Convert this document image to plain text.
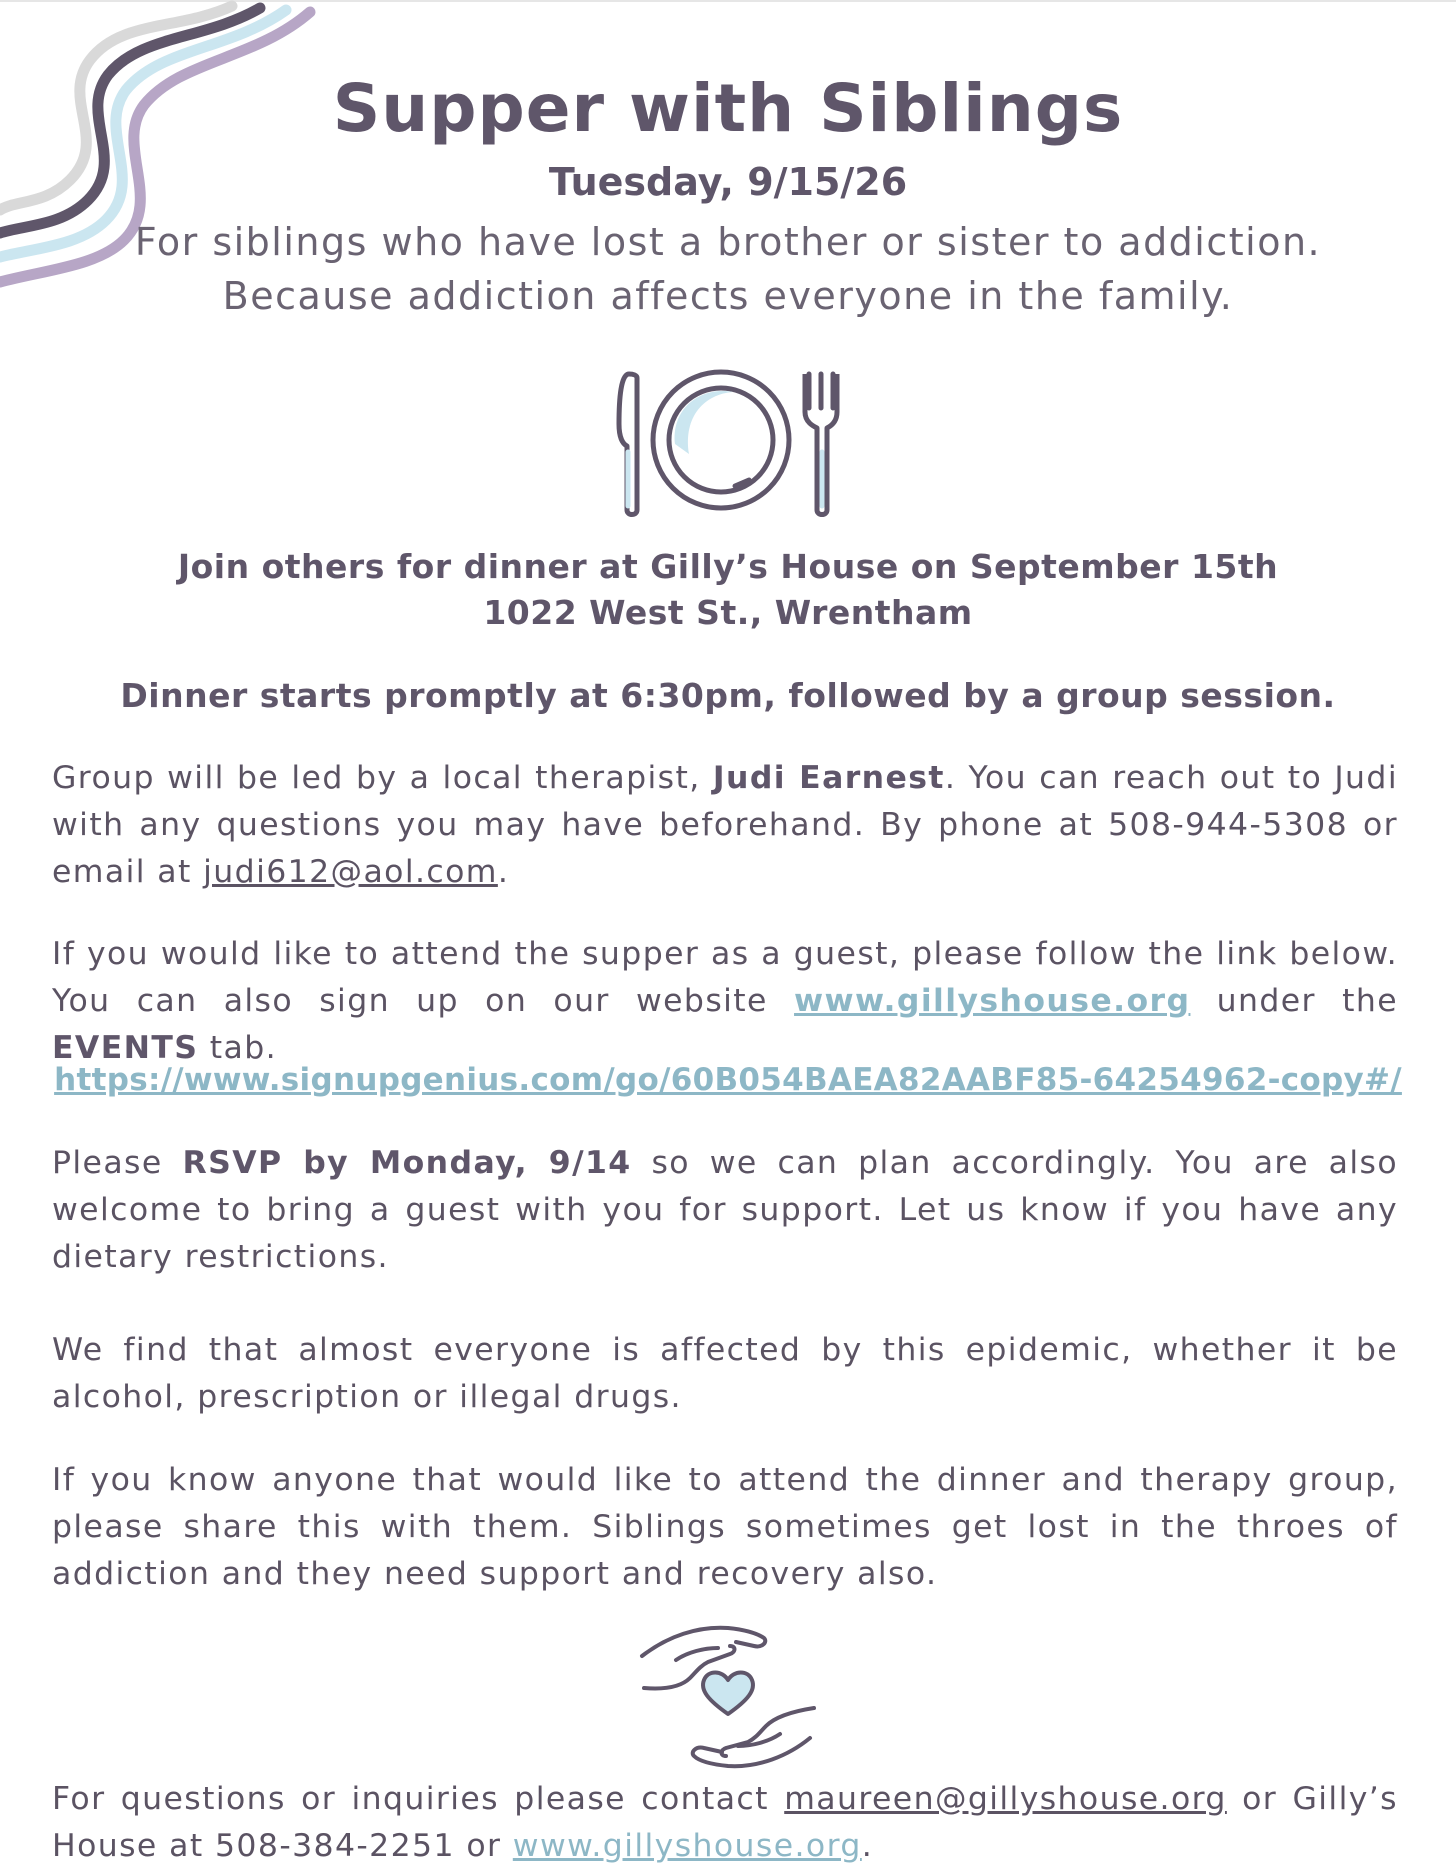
Supper with Siblings
Tuesday, 9/15/26
For siblings who have lost a brother or sister to addiction.
Because addiction affects everyone in the family.
Join others for dinner at Gilly’s House on September 15th
1022 West St., Wrentham
Dinner starts promptly at 6:30pm, followed by a group session.
Group will be led by a local therapist, Judi Earnest. You can reach out to Judi with any questions you may have beforehand. By phone at 508-944-5308 or email at judi612@aol.com.
If you would like to attend the supper as a guest, please follow the link below. You can also sign up on our website www.gillyshouse.org under the EVENTS tab.
https://www.signupgenius.com/go/60B054BAEA82AABF85-64254962-copy#/
Please RSVP by Monday, 9/14 so we can plan accordingly. You are also welcome to bring a guest with you for support. Let us know if you have any dietary restrictions.
We find that almost everyone is affected by this epidemic, whether it be alcohol, prescription or illegal drugs.
If you know anyone that would like to attend the dinner and therapy group, please share this with them. Siblings sometimes get lost in the throes of addiction and they need support and recovery also.
For questions or inquiries please contact maureen@gillyshouse.org or Gilly’s House at 508-384-2251 or www.gillyshouse.org.
